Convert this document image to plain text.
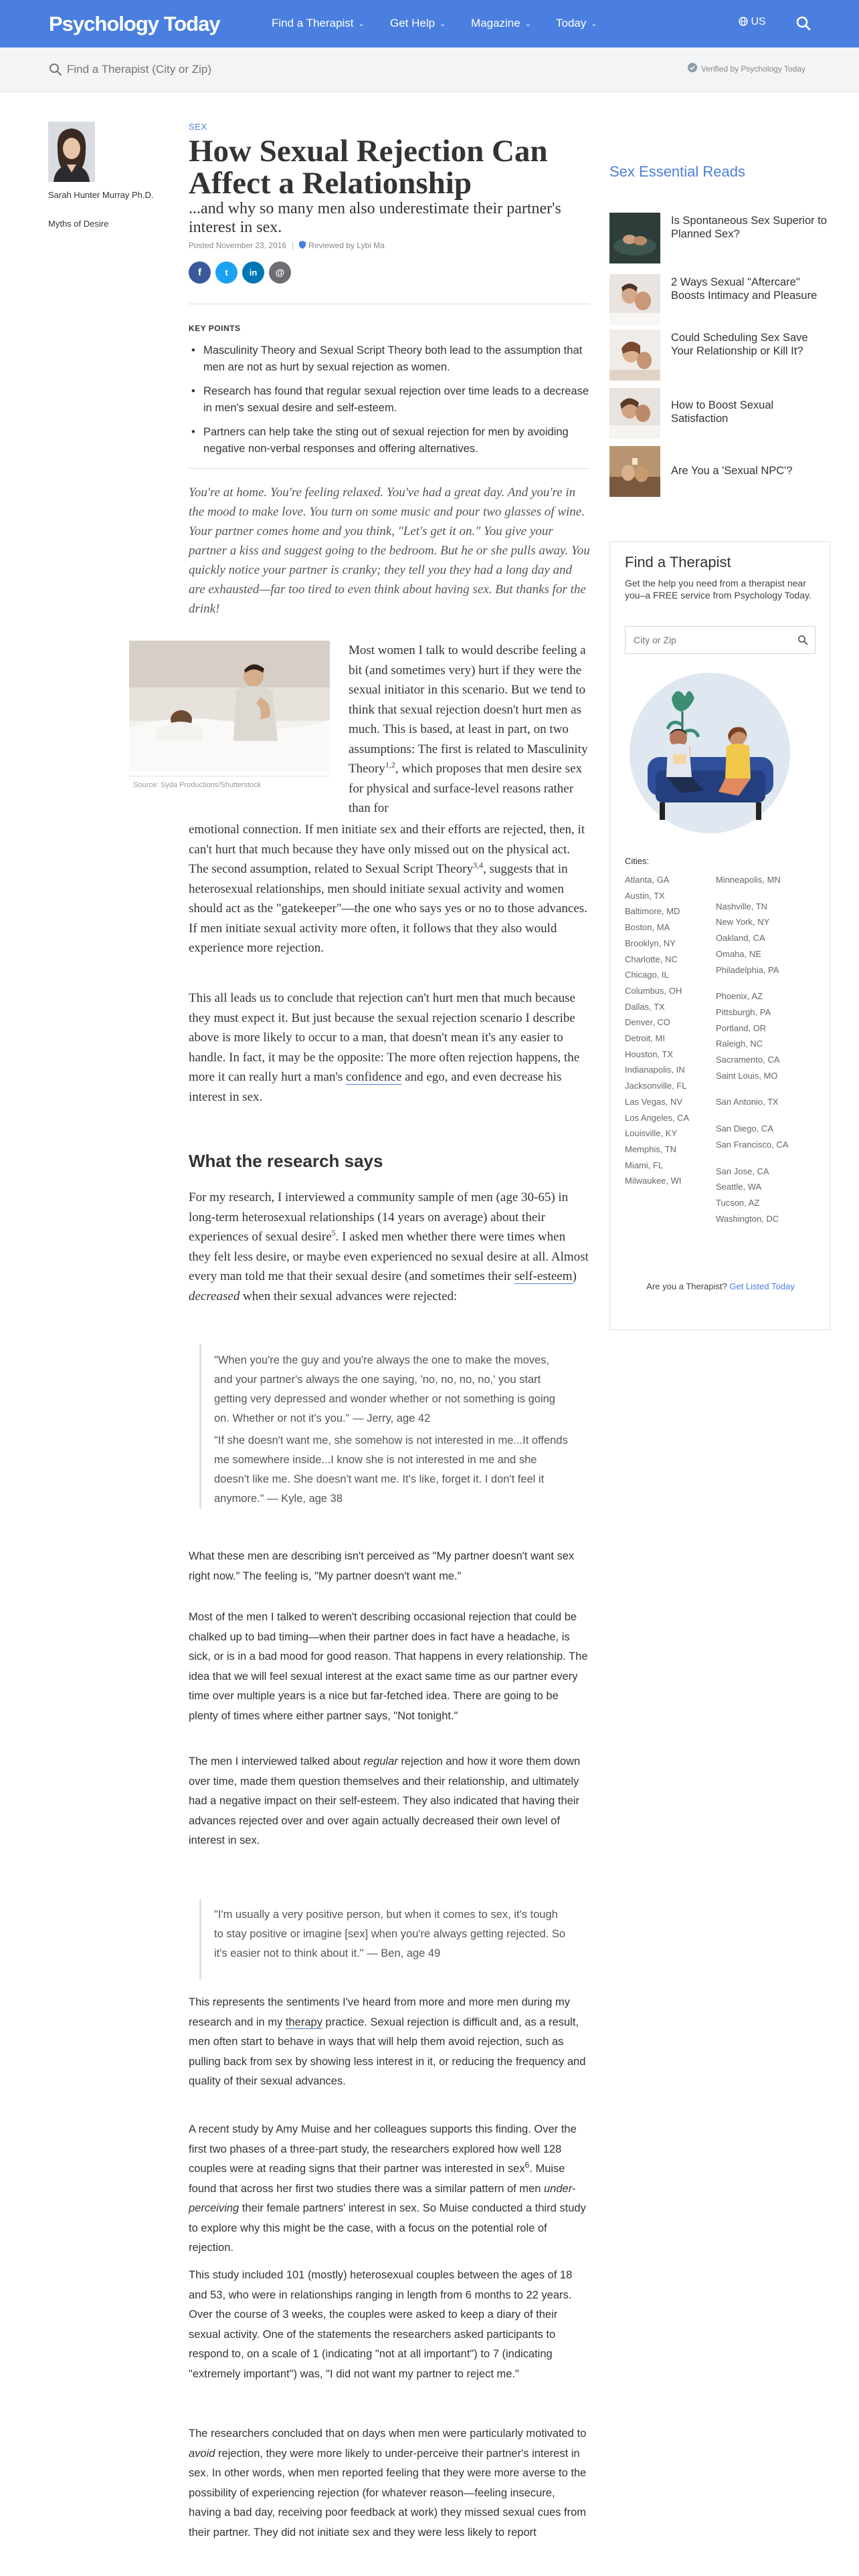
Psychology Today	Find a Therapist ⌄ Get Help ⌄ Magazine ⌄ Today ⌄	US
Find a Therapist (City or Zip)
Verified by Psychology Today
Sarah Hunter Murray Ph.D.
Myths of Desire
SEX
How Sexual Rejection Can Affect a Relationship
...and why so many men also underestimate their partner's interest in sex.
Posted November 23, 2016 | Reviewed by Lybi Ma
f	t	in	@
KEY POINTS
• Masculinity Theory and Sexual Script Theory both lead to the assumption that men are not as hurt by sexual rejection as women.
• Research has found that regular sexual rejection over time leads to a decrease in men's sexual desire and self-esteem.
• Partners can help take the sting out of sexual rejection for men by avoiding negative non-verbal responses and offering alternatives.
You're at home. You're feeling relaxed. You've had a great day. And you're in the mood to make love. You turn on some music and pour two glasses of wine. Your partner comes home and you think, "Let's get it on." You give your partner a kiss and suggest going to the bedroom. But he or she pulls away. You quickly notice your partner is cranky; they tell you they had a long day and are exhausted—far too tired to even think about having sex. But thanks for the drink!
Source: Syda Productions/Shutterstock
Most women I talk to would describe feeling a bit (and sometimes very) hurt if they were the sexual initiator in this scenario. But we tend to think that sexual rejection doesn't hurt men as much. This is based, at least in part, on two assumptions: The first is related to Masculinity Theory$^{1,2}$, which proposes that men desire sex for physical and surface-level reasons rather than for
emotional connection. If men initiate sex and their efforts are rejected, then, it can't hurt that much because they have only missed out on the physical act. The second assumption, related to Sexual Script Theory$^{3,4}$, suggests that in heterosexual relationships, men should initiate sexual activity and women should act as the "gatekeeper"—the one who says yes or no to those advances. If men initiate sexual activity more often, it follows that they also would experience more rejection.
This all leads us to conclude that rejection can't hurt men that much because they must expect it. But just because the sexual rejection scenario I describe above is more likely to occur to a man, that doesn't mean it's any easier to handle. In fact, it may be the opposite: The more often rejection happens, the more it can really hurt a man's confidence and ego, and even decrease his interest in sex.
What the research says
For my research, I interviewed a community sample of men (age 30-65) in long-term heterosexual relationships (14 years on average) about their experiences of sexual desire$^5$. I asked men whether there were times when they felt less desire, or maybe even experienced no sexual desire at all. Almost every man told me that their sexual desire (and sometimes their self-esteem) decreased when their sexual advances were rejected:
"When you're the guy and you're always the one to make the moves, and your partner's always the one saying, 'no, no, no, no,' you start getting very depressed and wonder whether or not something is going on. Whether or not it's you." — Jerry, age 42
"If she doesn't want me, she somehow is not interested in me...It offends me somewhere inside...I know she is not interested in me and she doesn't like me. She doesn't want me. It's like, forget it. I don't feel it anymore." — Kyle, age 38
What these men are describing isn't perceived as "My partner doesn't want sex right now." The feeling is, "My partner doesn't want me."
Most of the men I talked to weren't describing occasional rejection that could be chalked up to bad timing—when their partner does in fact have a headache, is sick, or is in a bad mood for good reason. That happens in every relationship. The idea that we will feel sexual interest at the exact same time as our partner every time over multiple years is a nice but far-fetched idea. There are going to be plenty of times where either partner says, "Not tonight."
The men I interviewed talked about regular rejection and how it wore them down over time, made them question themselves and their relationship, and ultimately had a negative impact on their self-esteem. They also indicated that having their advances rejected over and over again actually decreased their own level of interest in sex.
"I'm usually a very positive person, but when it comes to sex, it's tough to stay positive or imagine [sex] when you're always getting rejected. So it's easier not to think about it." — Ben, age 49
This represents the sentiments I've heard from more and more men during my research and in my therapy practice. Sexual rejection is difficult and, as a result, men often start to behave in ways that will help them avoid rejection, such as pulling back from sex by showing less interest in it, or reducing the frequency and quality of their sexual advances.
A recent study by Amy Muise and her colleagues supports this finding. Over the first two phases of a three-part study, the researchers explored how well 128 couples were at reading signs that their partner was interested in sex$^6$. Muise found that across her first two studies there was a similar pattern of men under-perceiving their female partners' interest in sex. So Muise conducted a third study to explore why this might be the case, with a focus on the potential role of rejection.
This study included 101 (mostly) heterosexual couples between the ages of 18 and 53, who were in relationships ranging in length from 6 months to 22 years. Over the course of 3 weeks, the couples were asked to keep a diary of their sexual activity. One of the statements the researchers asked participants to respond to, on a scale of 1 (indicating "not at all important") to 7 (indicating "extremely important") was, "I did not want my partner to reject me."
The researchers concluded that on days when men were particularly motivated to avoid rejection, they were more likely to under-perceive their partner's interest in sex. In other words, when men reported feeling that they were more averse to the possibility of experiencing rejection (for whatever reason—feeling insecure, having a bad day, receiving poor feedback at work) they missed sexual cues from their partner. They did not initiate sex and they were less likely to report
Sex Essential Reads
Is Spontaneous Sex Superior to Planned Sex?
2 Ways Sexual "Aftercare" Boosts Intimacy and Pleasure
Could Scheduling Sex Save Your Relationship or Kill It?
How to Boost Sexual Satisfaction
Are You a 'Sexual NPC'?
Find a Therapist
Get the help you need from a therapist near you–a FREE service from Psychology Today.
City or Zip
Cities:
Are you a Therapist? Get Listed Today
Atlanta, GA
Austin, TX
Baltimore, MD
Boston, MA
Brooklyn, NY
Charlotte, NC
Chicago, IL
Columbus, OH
Dallas, TX
Denver, CO
Detroit, MI
Houston, TX
Indianapolis, IN
Jacksonville, FL
Las Vegas, NV
Los Angeles, CA
Louisville, KY
Memphis, TN
Miami, FL
Milwaukee, WI
Minneapolis, MN
Nashville, TN
New York, NY
Oakland, CA
Omaha, NE
Philadelphia, PA
Phoenix, AZ
Pittsburgh, PA
Portland, OR
Raleigh, NC
Sacramento, CA
Saint Louis, MO
San Antonio, TX
San Diego, CA
San Francisco, CA
San Jose, CA
Seattle, WA
Tucson, AZ
Washington, DC
